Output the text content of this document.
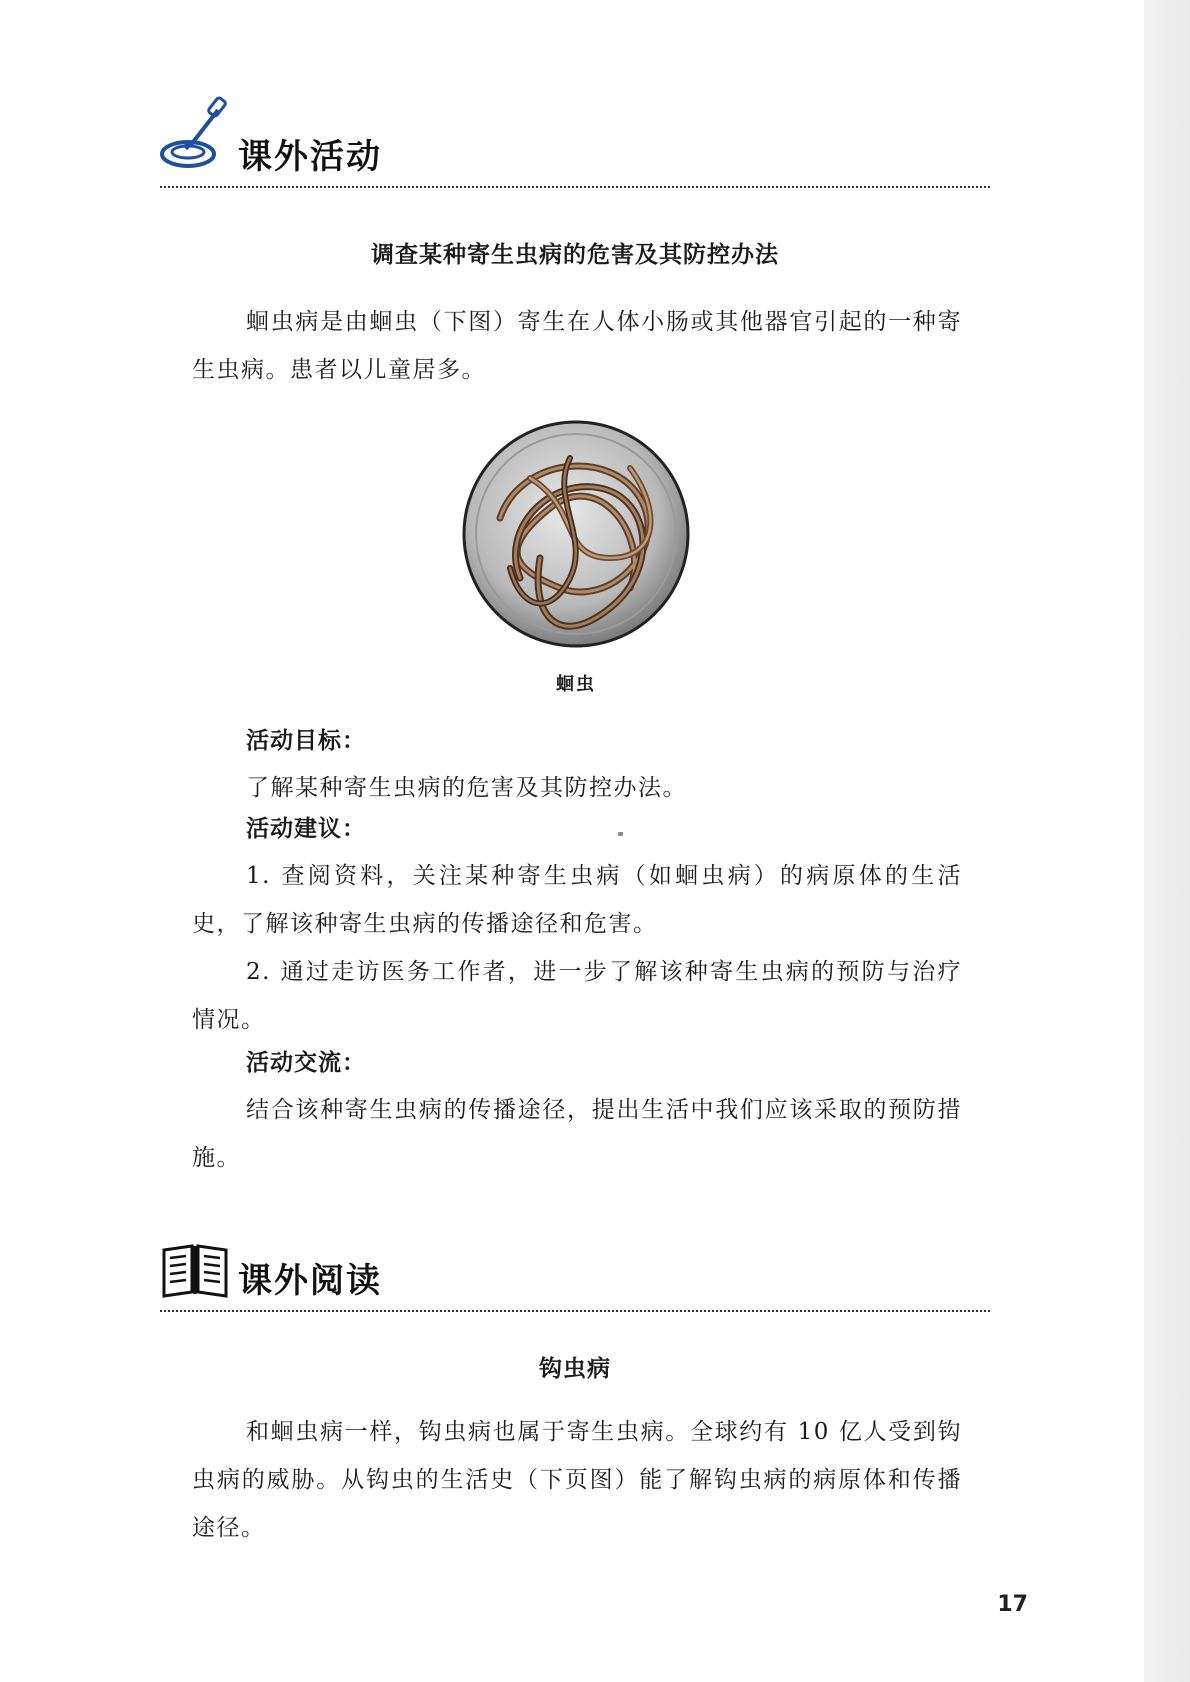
课外活动
调查某种寄生虫病的危害及其防控办法

蛔虫病是由蛔虫（下图）寄生在人体小肠或其他器官引起的一种寄生虫病。患者以儿童居多。

蛔虫
活动目标：

了解某种寄生虫病的危害及其防控办法。

活动建议：

1. 查阅资料，关注某种寄生虫病（如蛔虫病）的病原体的生活史，了解该种寄生虫病的传播途径和危害。

2. 通过走访医务工作者，进一步了解该种寄生虫病的预防与治疗情况。

活动交流：

结合该种寄生虫病的传播途径，提出生活中我们应该采取的预防措施。

课外阅读
钩虫病

和蛔虫病一样，钩虫病也属于寄生虫病。全球约有 10 亿人受到钩虫病的威胁。从钩虫的生活史（下页图）能了解钩虫病的病原体和传播途径。

17
